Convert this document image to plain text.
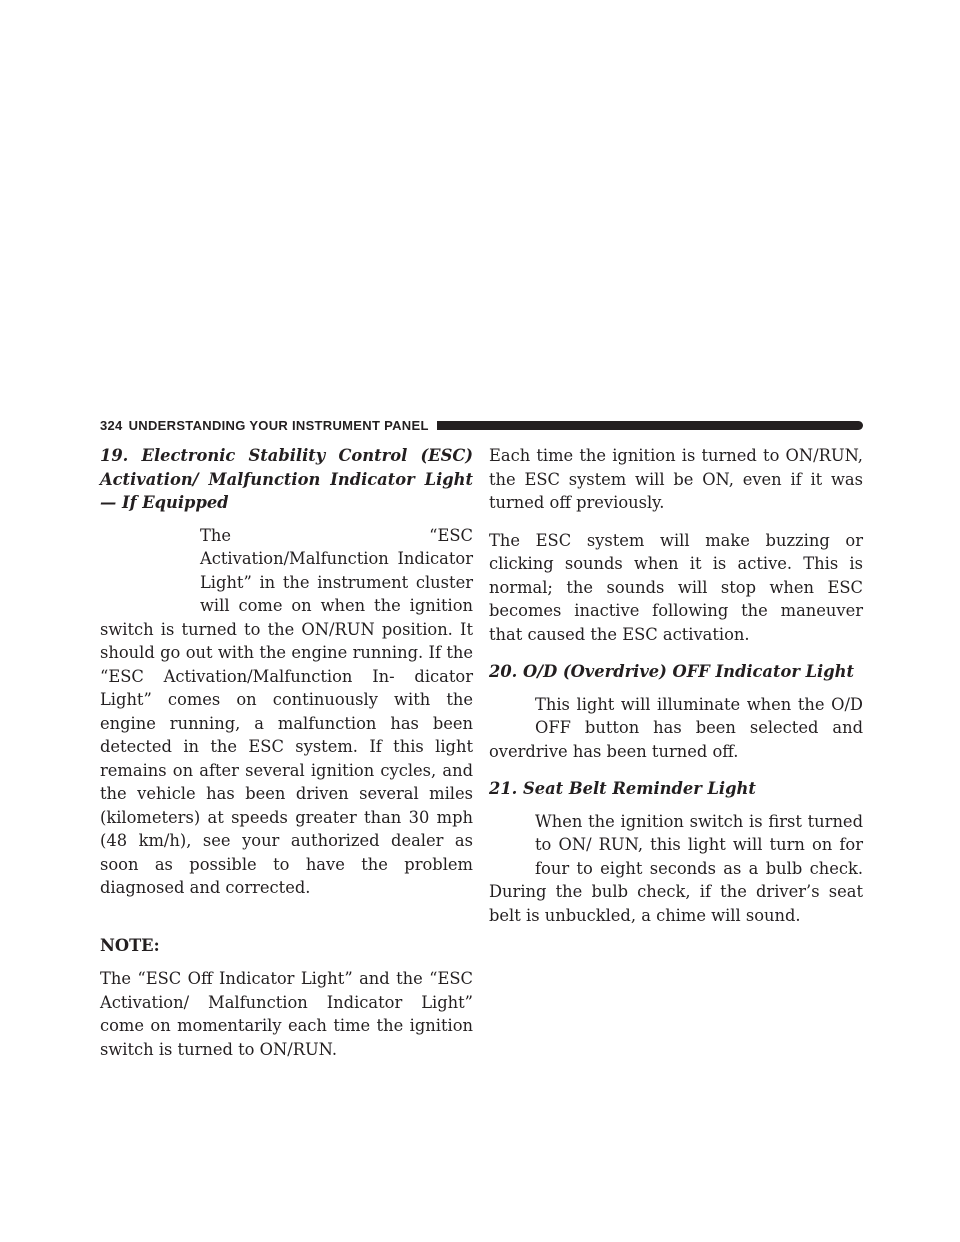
324 UNDERSTANDING YOUR INSTRUMENT PANEL
19. Electronic Stability Control (ESC) Activation/ Malfunction Indicator Light — If Equipped

The “ESC Activation/Malfunction Indicator Light” in the instrument cluster will come on when the ignition switch is turned to the ON/RUN position. It should go out with the engine running. If the “ESC Activation/Malfunction In- dicator Light” comes on continuously with the engine running, a malfunction has been detected in the ESC system. If this light remains on after several ignition cycles, and the vehicle has been driven several miles (kilometers) at speeds greater than 30 mph (48 km/h), see your authorized dealer as soon as possible to have the problem diagnosed and corrected.

NOTE:

The “ESC Off Indicator Light” and the “ESC Activation/ Malfunction Indicator Light” come on momentarily each time the ignition switch is turned to ON/RUN.

Each time the ignition is turned to ON/RUN, the ESC system will be ON, even if it was turned off previously.

The ESC system will make buzzing or clicking sounds when it is active. This is normal; the sounds will stop when ESC becomes inactive following the maneuver that caused the ESC activation.

20. O/D (Overdrive) OFF Indicator Light

This light will illuminate when the O/D OFF button has been selected and overdrive has been turned off.

21. Seat Belt Reminder Light

When the ignition switch is first turned to ON/ RUN, this light will turn on for four to eight seconds as a bulb check. During the bulb check, if the driver’s seat belt is unbuckled, a chime will sound.
